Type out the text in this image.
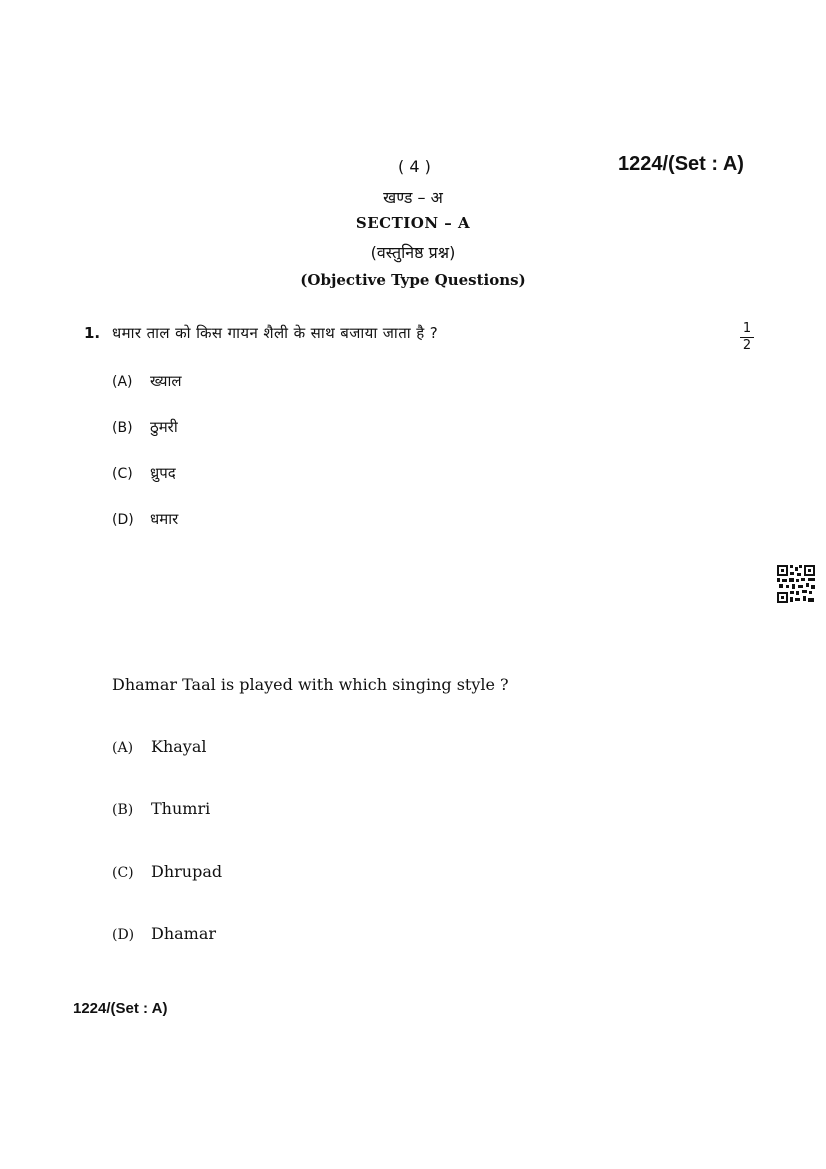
( 4 )	1224/(Set : A)
खण्ड – अ
SECTION – A
(वस्तुनिष्ठ प्रश्न)
(Objective Type Questions)
1. धमार ताल को किस गायन शैली के साथ बजाया जाता है ?	1
2
(A) ख्याल
(B) ठुमरी
(C) ध्रुपद
(D) धमार
Dhamar Taal is played with which singing style ?
(A) Khayal
(B) Thumri
(C) Dhrupad
(D) Dhamar
1224/(Set : A)
